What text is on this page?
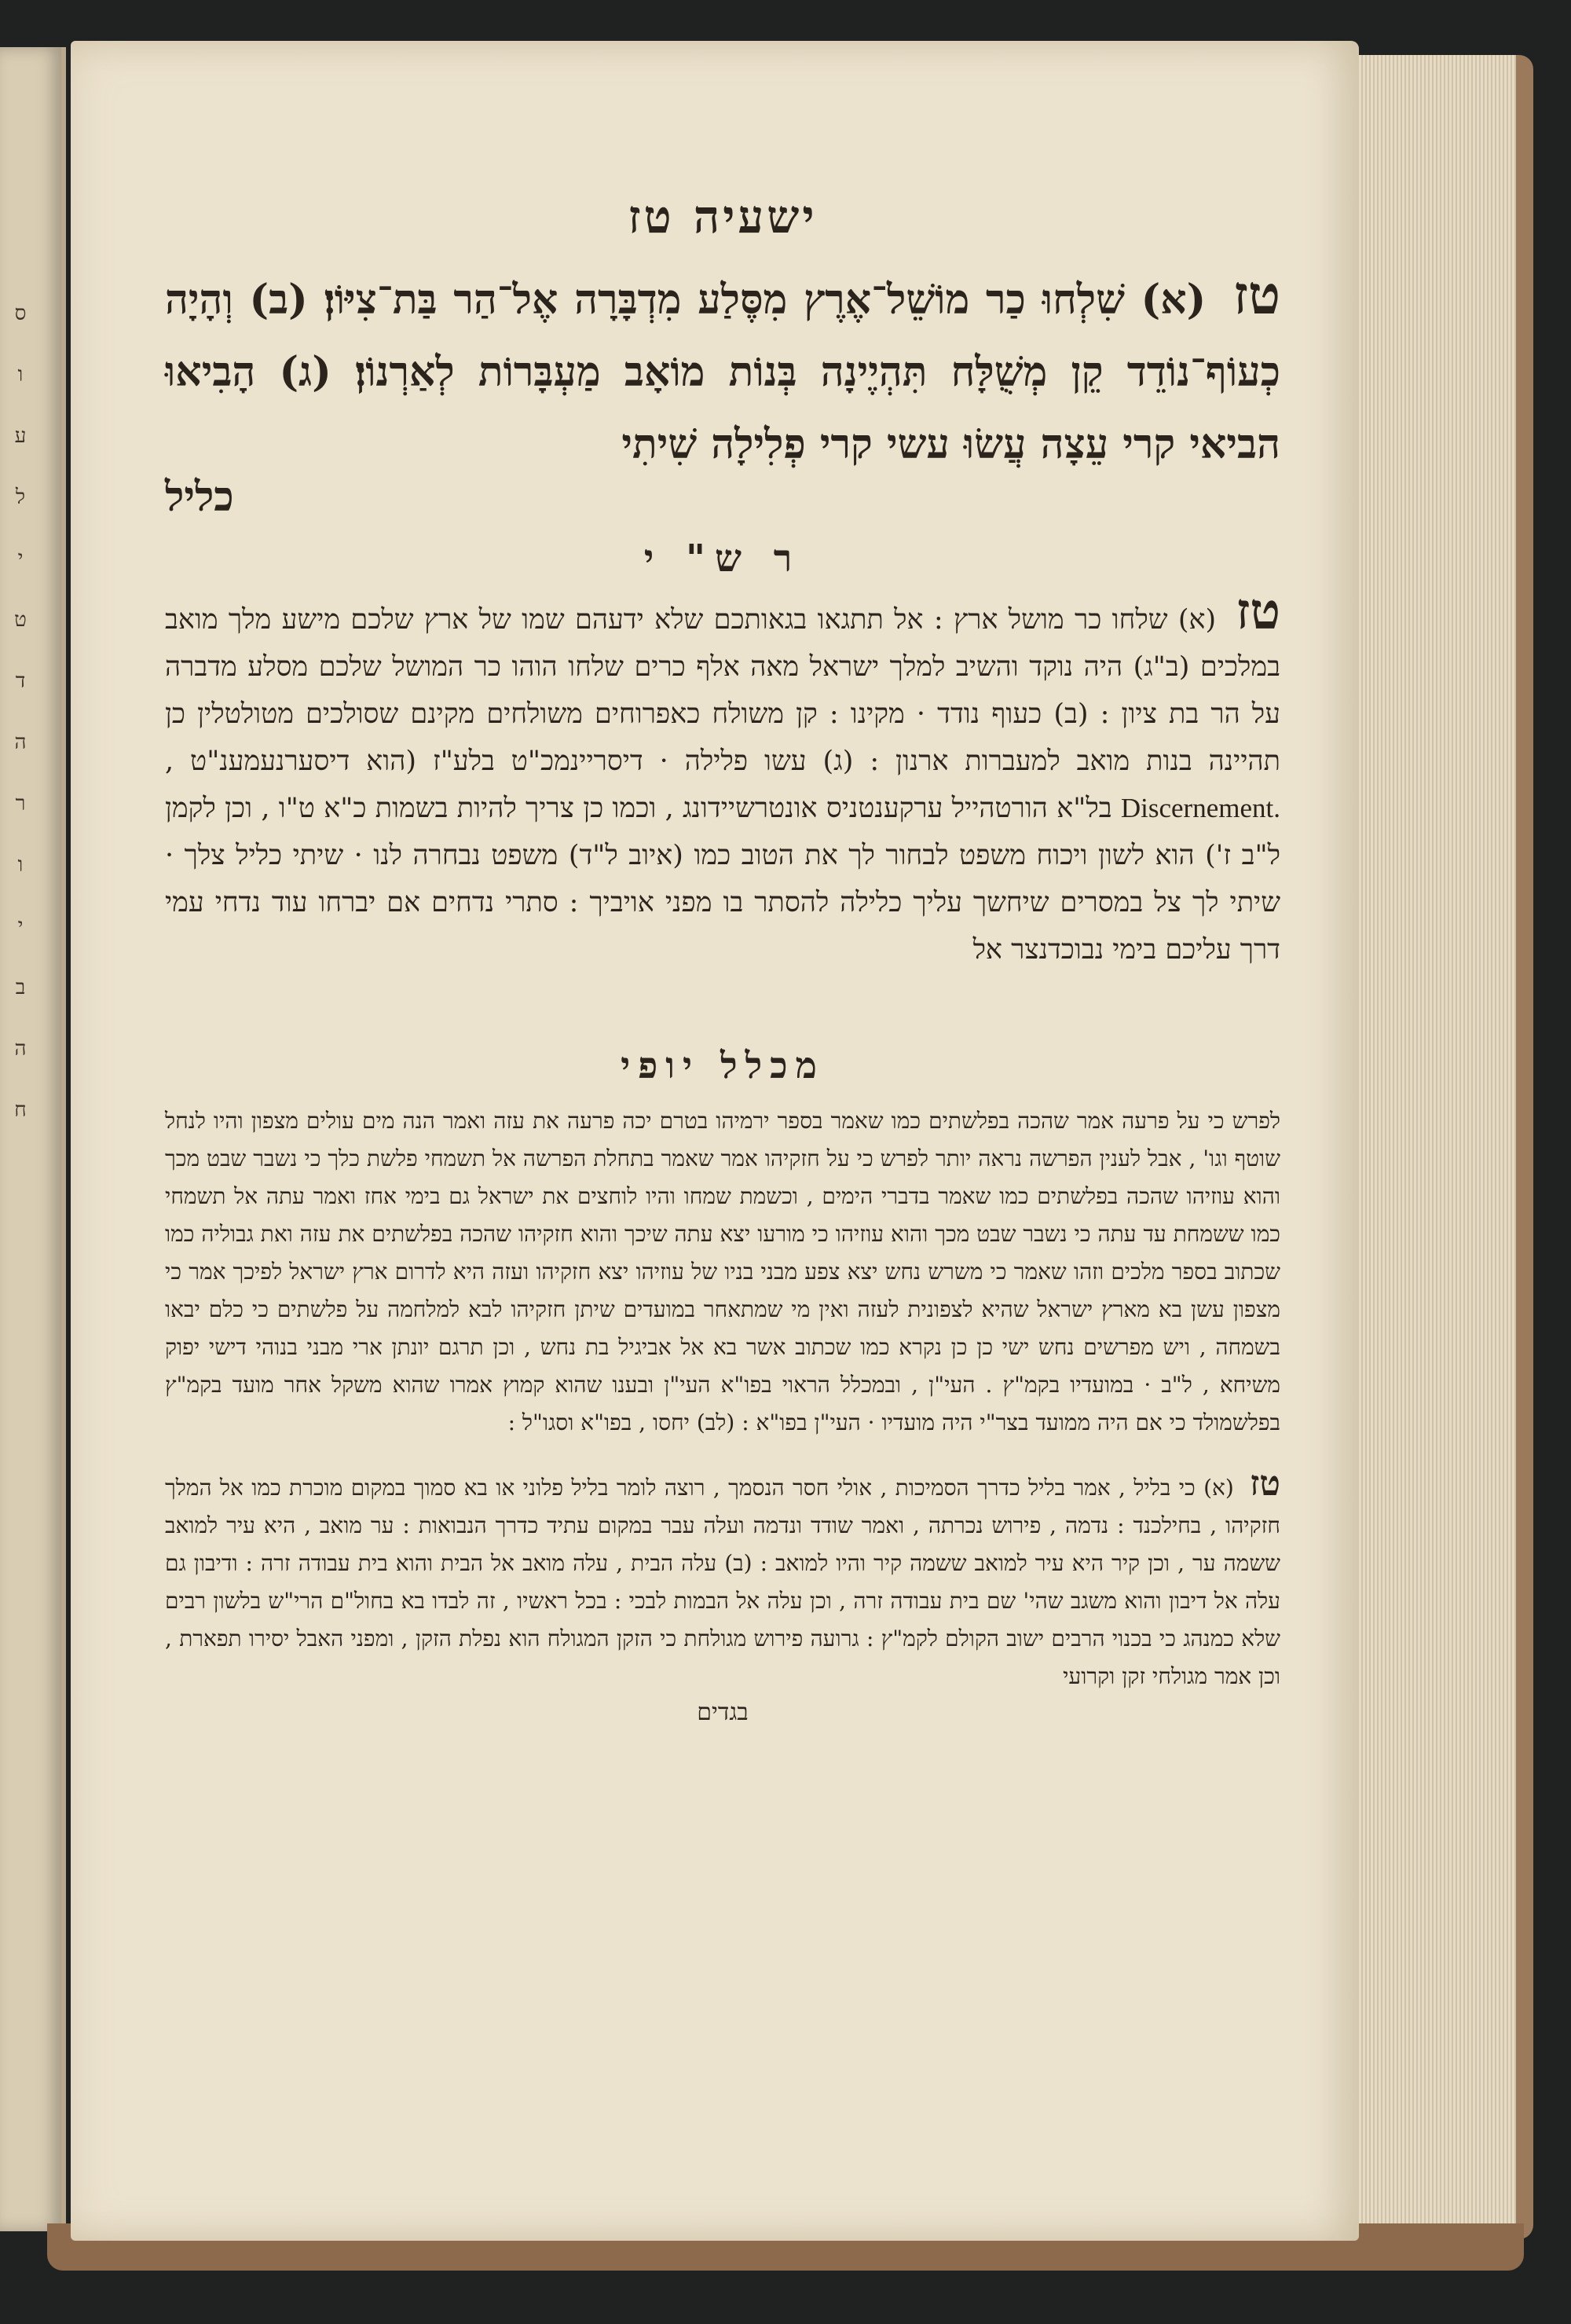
ס
ו
ע
ל
י
ט
ד
ה
ר
ו
י
ב
ה
ח
ישעיה טז
טז (א) שִׁלְחוּ כַר מוֹשֵׁל־אֶרֶץ מִסֶּלַע מִדְבָּרָה אֶל־הַר בַּת־צִיּוֹן׃ (ב) וְהָיָה כְעוֹף־נוֹדֵד קֵן מְשֻׁלָּח תִּהְיֶינָה בְּנוֹת מוֹאָב מַעְבָּרוֹת לְאַרְנוֹן׃ (ג) הָבִיאוּ הביאי קרי עֵצָה עֲשׂוּ עשי קרי פְלִילָה שִׁיתִי
כליל
ר ש" י
טז (א) שלחו כר מושל ארץ : אל תתגאו בגאותכם שלא ידעהם שמו של ארץ שלכם מישע מלך מואב במלכים (ב"ג) היה נוקד והשיב למלך ישראל מאה אלף כרים שלחו הוהו כר המושל שלכם מסלע מדברה על הר בת ציון : (ב) כעוף נודד · מקינו : קן משולח כאפרוחים משולחים מקינם שסולכים מטולטלין כן תהיינה בנות מואב למעברות ארנון : (ג) עשו פלילה · דיסריינמכ"ט בלע"ז (הוא דיסערנעמענ"ט , Discernement. בל"א הורטהייל ערקענטניס אונטרשיידונג , וכמו כן צריך להיות בשמות כ"א ט"ו , וכן לקמן ל"ב ז') הוא לשון ויכוח משפט לבחור לך את הטוב כמו (איוב ל"ד) משפט נבחרה לנו · שיתי כליל צלך · שיתי לך צל במסרים שיחשך עליך כלילה להסתר בו מפני אויביך : סתרי נדחים אם יברחו עוד נדחי עמי דרך עליכם בימי נבוכדנצר אל
מכלל יופי
לפרש כי על פרעה אמר שהכה בפלשתים כמו שאמר בספר ירמיהו בטרם יכה פרעה את עזה ואמר הנה מים עולים מצפון והיו לנחל שוטף וגו' , אבל לענין הפרשה נראה יותר לפרש כי על חזקיהו אמר שאמר בתחלת הפרשה אל תשמחי פלשת כלך כי נשבר שבט מכך והוא עוזיהו שהכה בפלשתים כמו שאמר בדברי הימים , וכשמת שמחו והיו לוחצים את ישראל גם בימי אחז ואמר עתה אל תשמחי כמו ששמחת עד עתה כי נשבר שבט מכך והוא עוזיהו כי מורעו יצא עתה שיכך והוא חזקיהו שהכה בפלשתים את עזה ואת גבוליה כמו שכתוב בספר מלכים וזהו שאמר כי משרש נחש יצא צפע מבני בניו של עוזיהו יצא חזקיהו ועזה היא לדרום ארץ ישראל לפיכך אמר כי מצפון עשן בא מארץ ישראל שהיא לצפונית לעזה ואין מי שמתאחר במועדים שיתן חזקיהו לבא למלחמה על פלשתים כי כלם יבאו בשמחה , ויש מפרשים נחש ישי כן כן נקרא כמו שכתוב אשר בא אל אביגיל בת נחש , וכן תרגם יונתן ארי מבני בנוהי דישי יפוק משיחא , ל"ב · במועדיו בקמ"ץ . העי"ן , ובמכלל הראוי בפו"א העי"ן ובענו שהוא קמוץ אמרו שהוא משקל אחר מועד בקמ"ץ בפלשמולד כי אם היה ממועד בצר"י היה מועדיו · העי"ן בפו"א : (לב) יחסו , בפו"א וסגו"ל :
טז (א) כי בליל , אמר בליל כדרך הסמיכות , אולי חסר הנסמך , רוצה לומר בליל פלוני או בא סמוך במקום מוכרת כמו אל המלך חזקיהו , בחילכנד : נדמה , פירוש נכרתה , ואמר שודד ונדמה ועלה עבר במקום עתיד כדרך הנבואות : ער מואב , היא עיר למואב ששמה ער , וכן קיר היא עיר למואב ששמה קיר והיו למואב : (ב) עלה הבית , עלה מואב אל הבית והוא בית עבודה זרה : ודיבון גם עלה אל דיבון והוא משגב שהי' שם בית עבודה זרה , וכן עלה אל הבמות לבכי : בכל ראשיו , זה לבדו בא בחול"ם הרי"ש בלשון רבים שלא כמנהג כי בכנוי הרבים ישוב הקולם לקמ"ץ : גרועה פירוש מגולחת כי הזקן המגולח הוא נפלת הזקן , ומפני האבל יסירו תפארת , וכן אמר מגולחי זקן וקרועי
בגדים
